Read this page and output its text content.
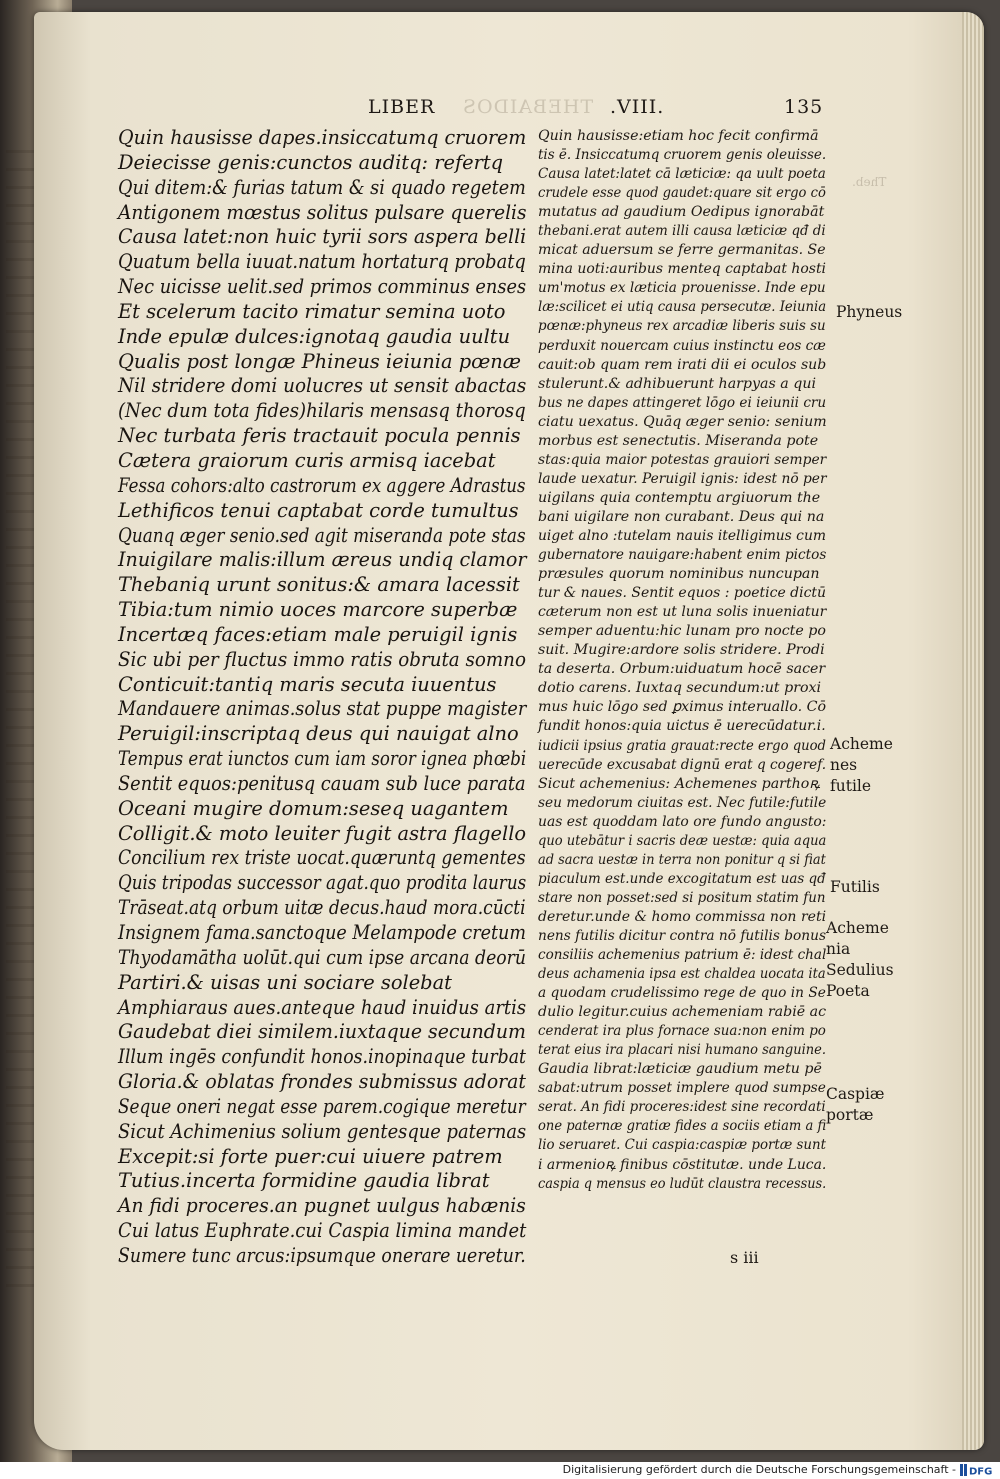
LIBER THEBAIDOS .VIII.	135
Quin hausisse dapes.insiccatumq cruorem
Deiecisse genis:cunctos auditq: refertq
Qui ditem:& furias tatum & si quado regetem
Antigonem mœstus solitus pulsare querelis
Causa latet:non huic tyrii sors aspera belli
Quatum bella iuuat.natum hortaturq probatq
Nec uicisse uelit.sed primos comminus enses
Et scelerum tacito rimatur semina uoto
Inde epulæ dulces:ignotaq gaudia uultu
Qualis post longæ Phineus ieiunia pœnæ
Nil stridere domi uolucres ut sensit abactas
(Nec dum tota fides)hilaris mensasq thorosq
Nec turbata feris tractauit pocula pennis
Cætera graiorum curis armisq iacebat
Fessa cohors:alto castrorum ex aggere Adrastus
Lethificos tenui captabat corde tumultus
Quanq æger senio.sed agit miseranda pote stas
Inuigilare malis:illum æreus undiq clamor
Thebaniq urunt sonitus:& amara lacessit
Tibia:tum nimio uoces marcore superbæ
Incertæq faces:etiam male peruigil ignis
Sic ubi per fluctus immo ratis obruta somno
Conticuit:tantiq maris secuta iuuentus
Mandauere animas.solus stat puppe magister
Peruigil:inscriptaq deus qui nauigat alno
Tempus erat iunctos cum iam soror ignea phœbi
Sentit equos:penitusq cauam sub luce parata
Oceani mugire domum:seseq uagantem
Colligit.& moto leuiter fugit astra flagello
Concilium rex triste uocat.quæruntq gementes
Quis tripodas successor agat.quo prodita laurus
Trāseat.atq orbum uitæ decus.haud mora.cūcti
Insignem fama.sanctoque Melampode cretum
Thyodamātha uolūt.qui cum ipse arcana deorū
Partiri.& uisas uni sociare solebat
Amphiaraus aues.anteque haud inuidus artis
Gaudebat diei similem.iuxtaque secundum
Illum ingēs confundit honos.inopinaque turbat
Gloria.& oblatas frondes submissus adorat
Seque oneri negat esse parem.cogique meretur
Sicut Achimenius solium gentesque paternas
Excepit:si forte puer:cui uiuere patrem
Tutius.incerta formidine gaudia librat
An fidi proceres.an pugnet uulgus habænis
Cui latus Euphrate.cui Caspia limina mandet
Sumere tunc arcus:ipsumque onerare ueretur.
Quin hausisse:etiam hoc fecit confirmā
tis ē. Insiccatumq cruorem genis oleuisse.
Causa latet:latet cā læticiæ: qa uult poeta
crudele esse quod gaudet:quare sit ergo cō
mutatus ad gaudium Oedipus ignorabāt
thebani.erat autem illi causa læticiæ qđ di
micat aduersum se ferre germanitas. Se
mina uoti:auribus menteq captabat hosti
um'motus ex læticia prouenisse. Inde epu
læ:scilicet ei utiq causa persecutæ. Ieiunia
pœnæ:phyneus rex arcadiæ liberis suis su
perduxit nouercam cuius instinctu eos cæ
cauit:ob quam rem irati dii ei oculos sub
stulerunt.& adhibuerunt harpyas a qui
bus ne dapes attingeret lōgo ei ieiunii cru
ciatu uexatus. Quāq æger senio: senium
morbus est senectutis. Miseranda pote
stas:quia maior potestas grauiori semper
laude uexatur. Peruigil ignis: idest nō per
uigilans quia contemptu argiuorum the
bani uigilare non curabant. Deus qui na
uiget alno :tutelam nauis itelligimus cum
gubernatore nauigare:habent enim pictos
præsules quorum nominibus nuncupan
tur & naues. Sentit equos : poetice dictū
cæterum non est ut luna solis inueniatur
semper aduentu:hic lunam pro nocte po
suit. Mugire:ardore solis stridere. Prodi
ta deserta. Orbum:uiduatum hocē sacer
dotio carens. Iuxtaq secundum:ut proxi
mus huic lōgo sed ꝑximus interuallo. Cō
fundit honos:quia uictus ē uerecūdatur.i.
iudicii ipsius gratia grauat:recte ergo quod
uerecūde excusabat dignū erat q cogeref.
Sicut achemenius: Achemenes parthoꝶ
seu medorum ciuitas est. Nec futile:futile
uas est quoddam lato ore fundo angusto:
quo utebātur i sacris deæ uestæ: quia aqua
ad sacra uestæ in terra non ponitur q si fiat
piaculum est.unde excogitatum est uas qđ
stare non posset:sed si positum statim fun
deretur.unde & homo commissa non reti
nens futilis dicitur contra nō futilis bonus
consiliis achemenius patrium ē: idest chal
deus achamenia ipsa est chaldea uocata ita
a quodam crudelissimo rege de quo in Se
dulio legitur.cuius achemeniam rabiē ac
cenderat ira plus fornace sua:non enim po
terat eius ira placari nisi humano sanguine.
Gaudia librat:læticiæ gaudium metu pē
sabat:utrum posset implere quod sumpse
serat. An fidi proceres:idest sine recordati
one paternæ gratiæ fides a sociis etiam a fi
lio seruaret. Cui caspia:caspiæ portæ sunt
i armenioꝶ finibus cōstitutæ. unde Luca.
caspia q mensus eo ludūt claustra recessus.
Theb.
Phyneus
Acheme
nes
futile
Futilis
Acheme
nia
Sedulius
Poeta
Caspiæ
portæ
s iii
Digitalisierung gefördert durch die Deutsche Forschungsgemeinschaft - DFG
